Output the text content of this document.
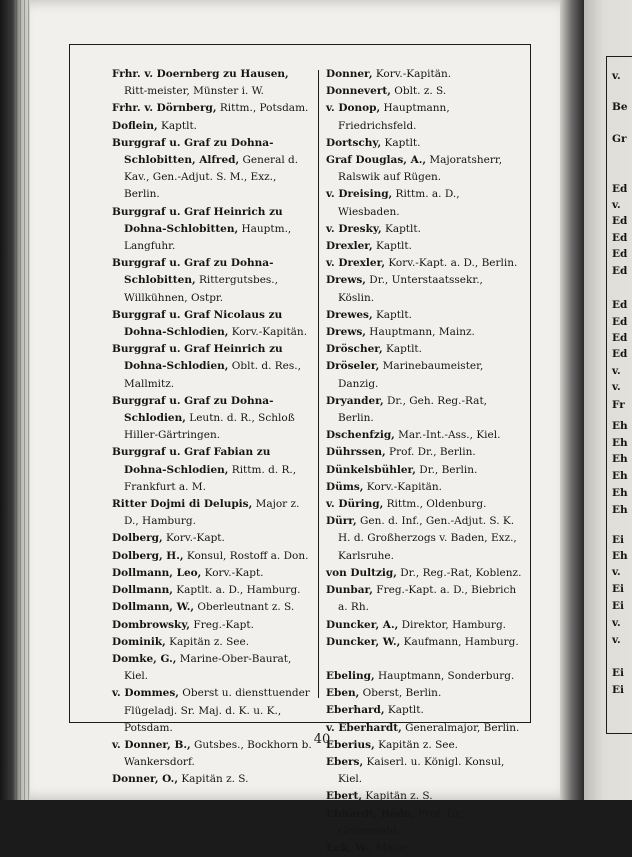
Frhr. v. Doernberg zu Hausen, Ritt-meister, Münster i. W.
Frhr. v. Dörnberg, Rittm., Potsdam.
Doflein, Kaptlt.
Burggraf u. Graf zu Dohna-Schlobitten, Alfred, General d. Kav., Gen.-Adjut. S. M., Exz., Berlin.
Burggraf u. Graf Heinrich zu Dohna-Schlobitten, Hauptm., Langfuhr.
Burggraf u. Graf zu Dohna-Schlobitten, Rittergutsbes., Willkühnen, Ostpr.
Burggraf u. Graf Nicolaus zu Dohna-Schlodien, Korv.-Kapitän.
Burggraf u. Graf Heinrich zu Dohna-Schlodien, Oblt. d. Res., Mallmitz.
Burggraf u. Graf zu Dohna-Schlodien, Leutn. d. R., Schloß Hiller-Gärtringen.
Burggraf u. Graf Fabian zu Dohna-Schlodien, Rittm. d. R., Frankfurt a. M.
Ritter Dojmi di Delupis, Major z. D., Hamburg.
Dolberg, Korv.-Kapt.
Dolberg, H., Konsul, Rostoff a. Don.
Dollmann, Leo, Korv.-Kapt.
Dollmann, Kaptlt. a. D., Hamburg.
Dollmann, W., Oberleutnant z. S.
Dombrowsky, Freg.-Kapt.
Dominik, Kapitän z. See.
Domke, G., Marine-Ober-Baurat, Kiel.
v. Dommes, Oberst u. diensttuender Flügeladj. Sr. Maj. d. K. u. K., Potsdam.
v. Donner, B., Gutsbes., Bockhorn b. Wankersdorf.
Donner, O., Kapitän z. S.
Donner, Korv.-Kapitän.
Donnevert, Oblt. z. S.
v. Donop, Hauptmann, Friedrichsfeld.
Dortschy, Kaptlt.
Graf Douglas, A., Majoratsherr, Ralswik auf Rügen.
v. Dreising, Rittm. a. D., Wiesbaden.
v. Dresky, Kaptlt.
Drexler, Kaptlt.
v. Drexler, Korv.-Kapt. a. D., Berlin.
Drews, Dr., Unterstaatssekr., Köslin.
Drewes, Kaptlt.
Drews, Hauptmann, Mainz.
Dröscher, Kaptlt.
Dröseler, Marinebaumeister, Danzig.
Dryander, Dr., Geh. Reg.-Rat, Berlin.
Dschenfzig, Mar.-Int.-Ass., Kiel.
Dührssen, Prof. Dr., Berlin.
Dünkelsbühler, Dr., Berlin.
Düms, Korv.-Kapitän.
v. Düring, Rittm., Oldenburg.
Dürr, Gen. d. Inf., Gen.-Adjut. S. K. H. d. Großherzogs v. Baden, Exz., Karlsruhe.
von Dultzig, Dr., Reg.-Rat, Koblenz.
Dunbar, Freg.-Kapt. a. D., Biebrich a. Rh.
Duncker, A., Direktor, Hamburg.
Duncker, W., Kaufmann, Hamburg.
Ebeling, Hauptmann, Sonderburg.
Eben, Oberst, Berlin.
Eberhard, Kaptlt.
v. Eberhardt, Generalmajor, Berlin.
Eberius, Kapitän z. See.
Ebers, Kaiserl. u. Königl. Konsul, Kiel.
Ebert, Kapitän z. S.
Ebhardt, Bodo, Prof. Dr., Grunewald.
Eck, W., Major.
40
v.
Be
Gr
Ed
v.
Ed
Ed
Ed
Ed
Ed
Ed
Ed
Ed
v.
v.
Fr
Eh
Eh
Eh
Eh
Eh
Eh
Ei
Eh
v.
Ei
Ei
v.
v.
Ei
Ei
